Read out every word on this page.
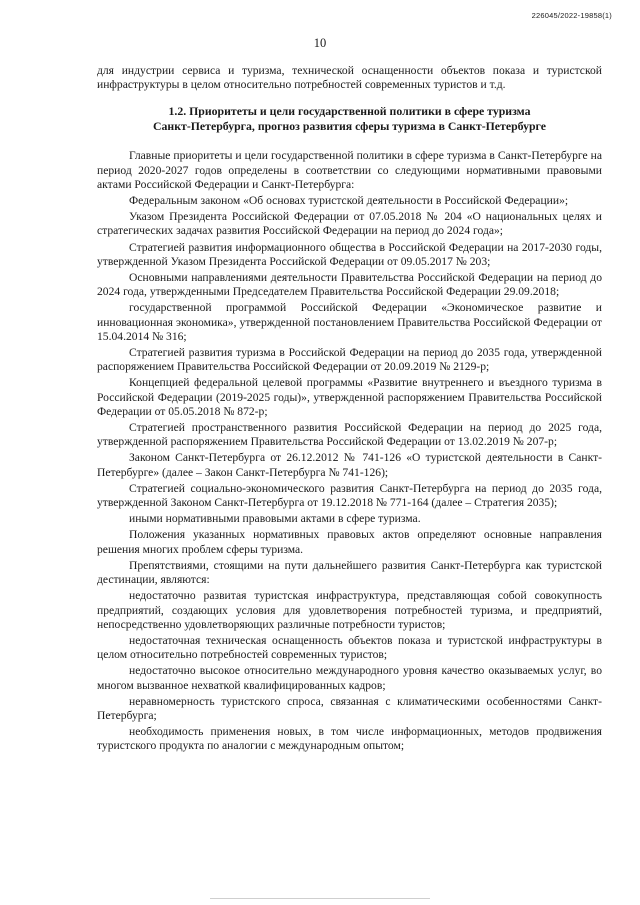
226045/2022-19858(1)
10

для индустрии сервиса и туризма, технической оснащенности объектов показа и туристской инфраструктуры в целом относительно потребностей современных туристов и т.д.

1.2. Приоритеты и цели государственной политики в сфере туризма
Санкт-Петербурга, прогноз развития сферы туризма в Санкт-Петербурге

Главные приоритеты и цели государственной политики в сфере туризма в Санкт-Петербурге на период 2020-2027 годов определены в соответствии со следующими нормативными правовыми актами Российской Федерации и Санкт-Петербурга:

Федеральным законом «Об основах туристской деятельности в Российской Федерации»;

Указом Президента Российской Федерации от 07.05.2018 № 204 «О национальных целях и стратегических задачах развития Российской Федерации на период до 2024 года»;

Стратегией развития информационного общества в Российской Федерации на 2017-2030 годы, утвержденной Указом Президента Российской Федерации от 09.05.2017 № 203;

Основными направлениями деятельности Правительства Российской Федерации на период до 2024 года, утвержденными Председателем Правительства Российской Федерации 29.09.2018;

государственной программой Российской Федерации «Экономическое развитие и инновационная экономика», утвержденной постановлением Правительства Российской Федерации от 15.04.2014 № 316;

Стратегией развития туризма в Российской Федерации на период до 2035 года, утвержденной распоряжением Правительства Российской Федерации от 20.09.2019 № 2129-р;

Концепцией федеральной целевой программы «Развитие внутреннего и въездного туризма в Российской Федерации (2019-2025 годы)», утвержденной распоряжением Правительства Российской Федерации от 05.05.2018 № 872-р;

Стратегией пространственного развития Российской Федерации на период до 2025 года, утвержденной распоряжением Правительства Российской Федерации от 13.02.2019 № 207-р;

Законом Санкт-Петербурга от 26.12.2012 № 741-126 «О туристской деятельности в Санкт-Петербурге» (далее – Закон Санкт-Петербурга № 741-126);

Стратегией социально-экономического развития Санкт-Петербурга на период до 2035 года, утвержденной Законом Санкт-Петербурга от 19.12.2018 № 771-164 (далее – Стратегия 2035);

иными нормативными правовыми актами в сфере туризма.

Положения указанных нормативных правовых актов определяют основные направления решения многих проблем сферы туризма.

Препятствиями, стоящими на пути дальнейшего развития Санкт-Петербурга как туристской дестинации, являются:

недостаточно развитая туристская инфраструктура, представляющая собой совокупность предприятий, создающих условия для удовлетворения потребностей туризма, и предприятий, непосредственно удовлетворяющих различные потребности туристов;

недостаточная техническая оснащенность объектов показа и туристской инфраструктуры в целом относительно потребностей современных туристов;

недостаточно высокое относительно международного уровня качество оказываемых услуг, во многом вызванное нехваткой квалифицированных кадров;

неравномерность туристского спроса, связанная с климатическими особенностями Санкт-Петербурга;

необходимость применения новых, в том числе информационных, методов продвижения туристского продукта по аналогии с международным опытом;
